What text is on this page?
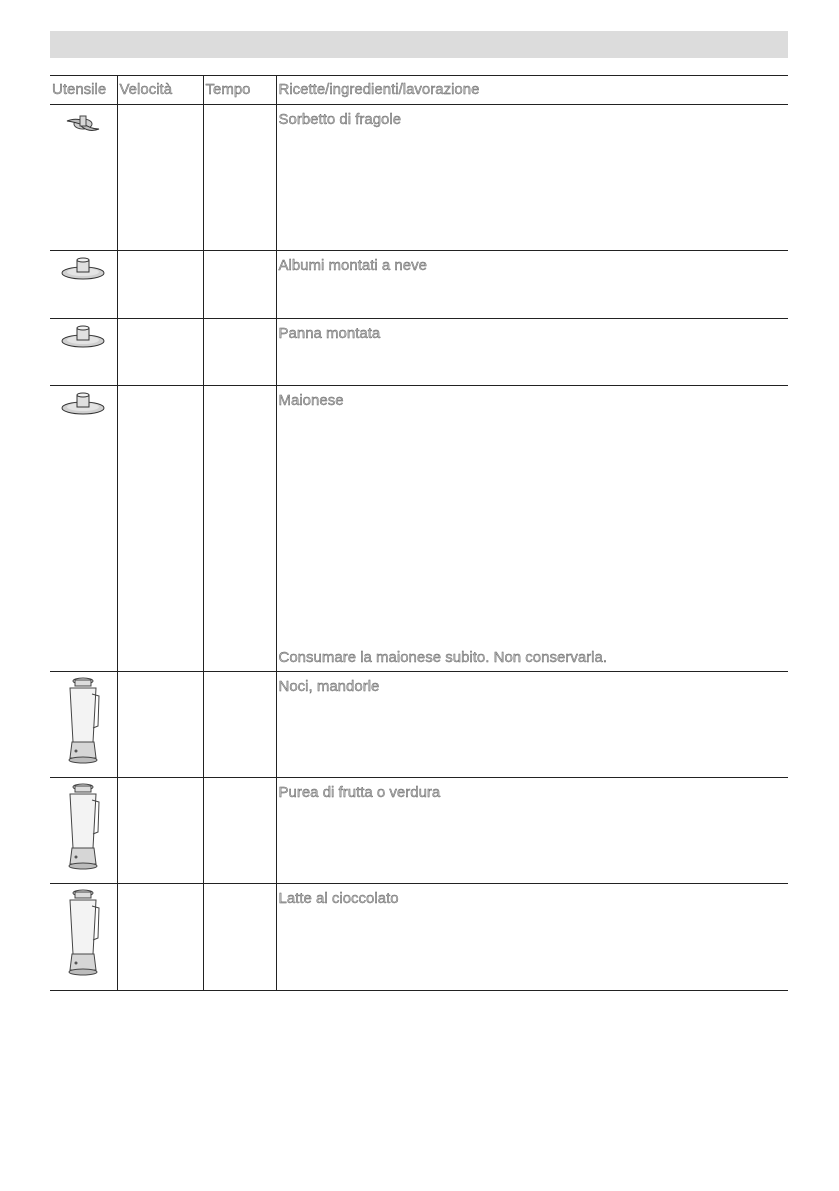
Utensile	Velocità	Tempo	Ricette/ingredienti/lavorazione

Sorbetto di fragole

Albumi montati a neve

Panna montata

Maionese
Consumare la maionese subito. Non conservarla.

Noci, mandorle

Purea di frutta o verdura

Latte al cioccolato
